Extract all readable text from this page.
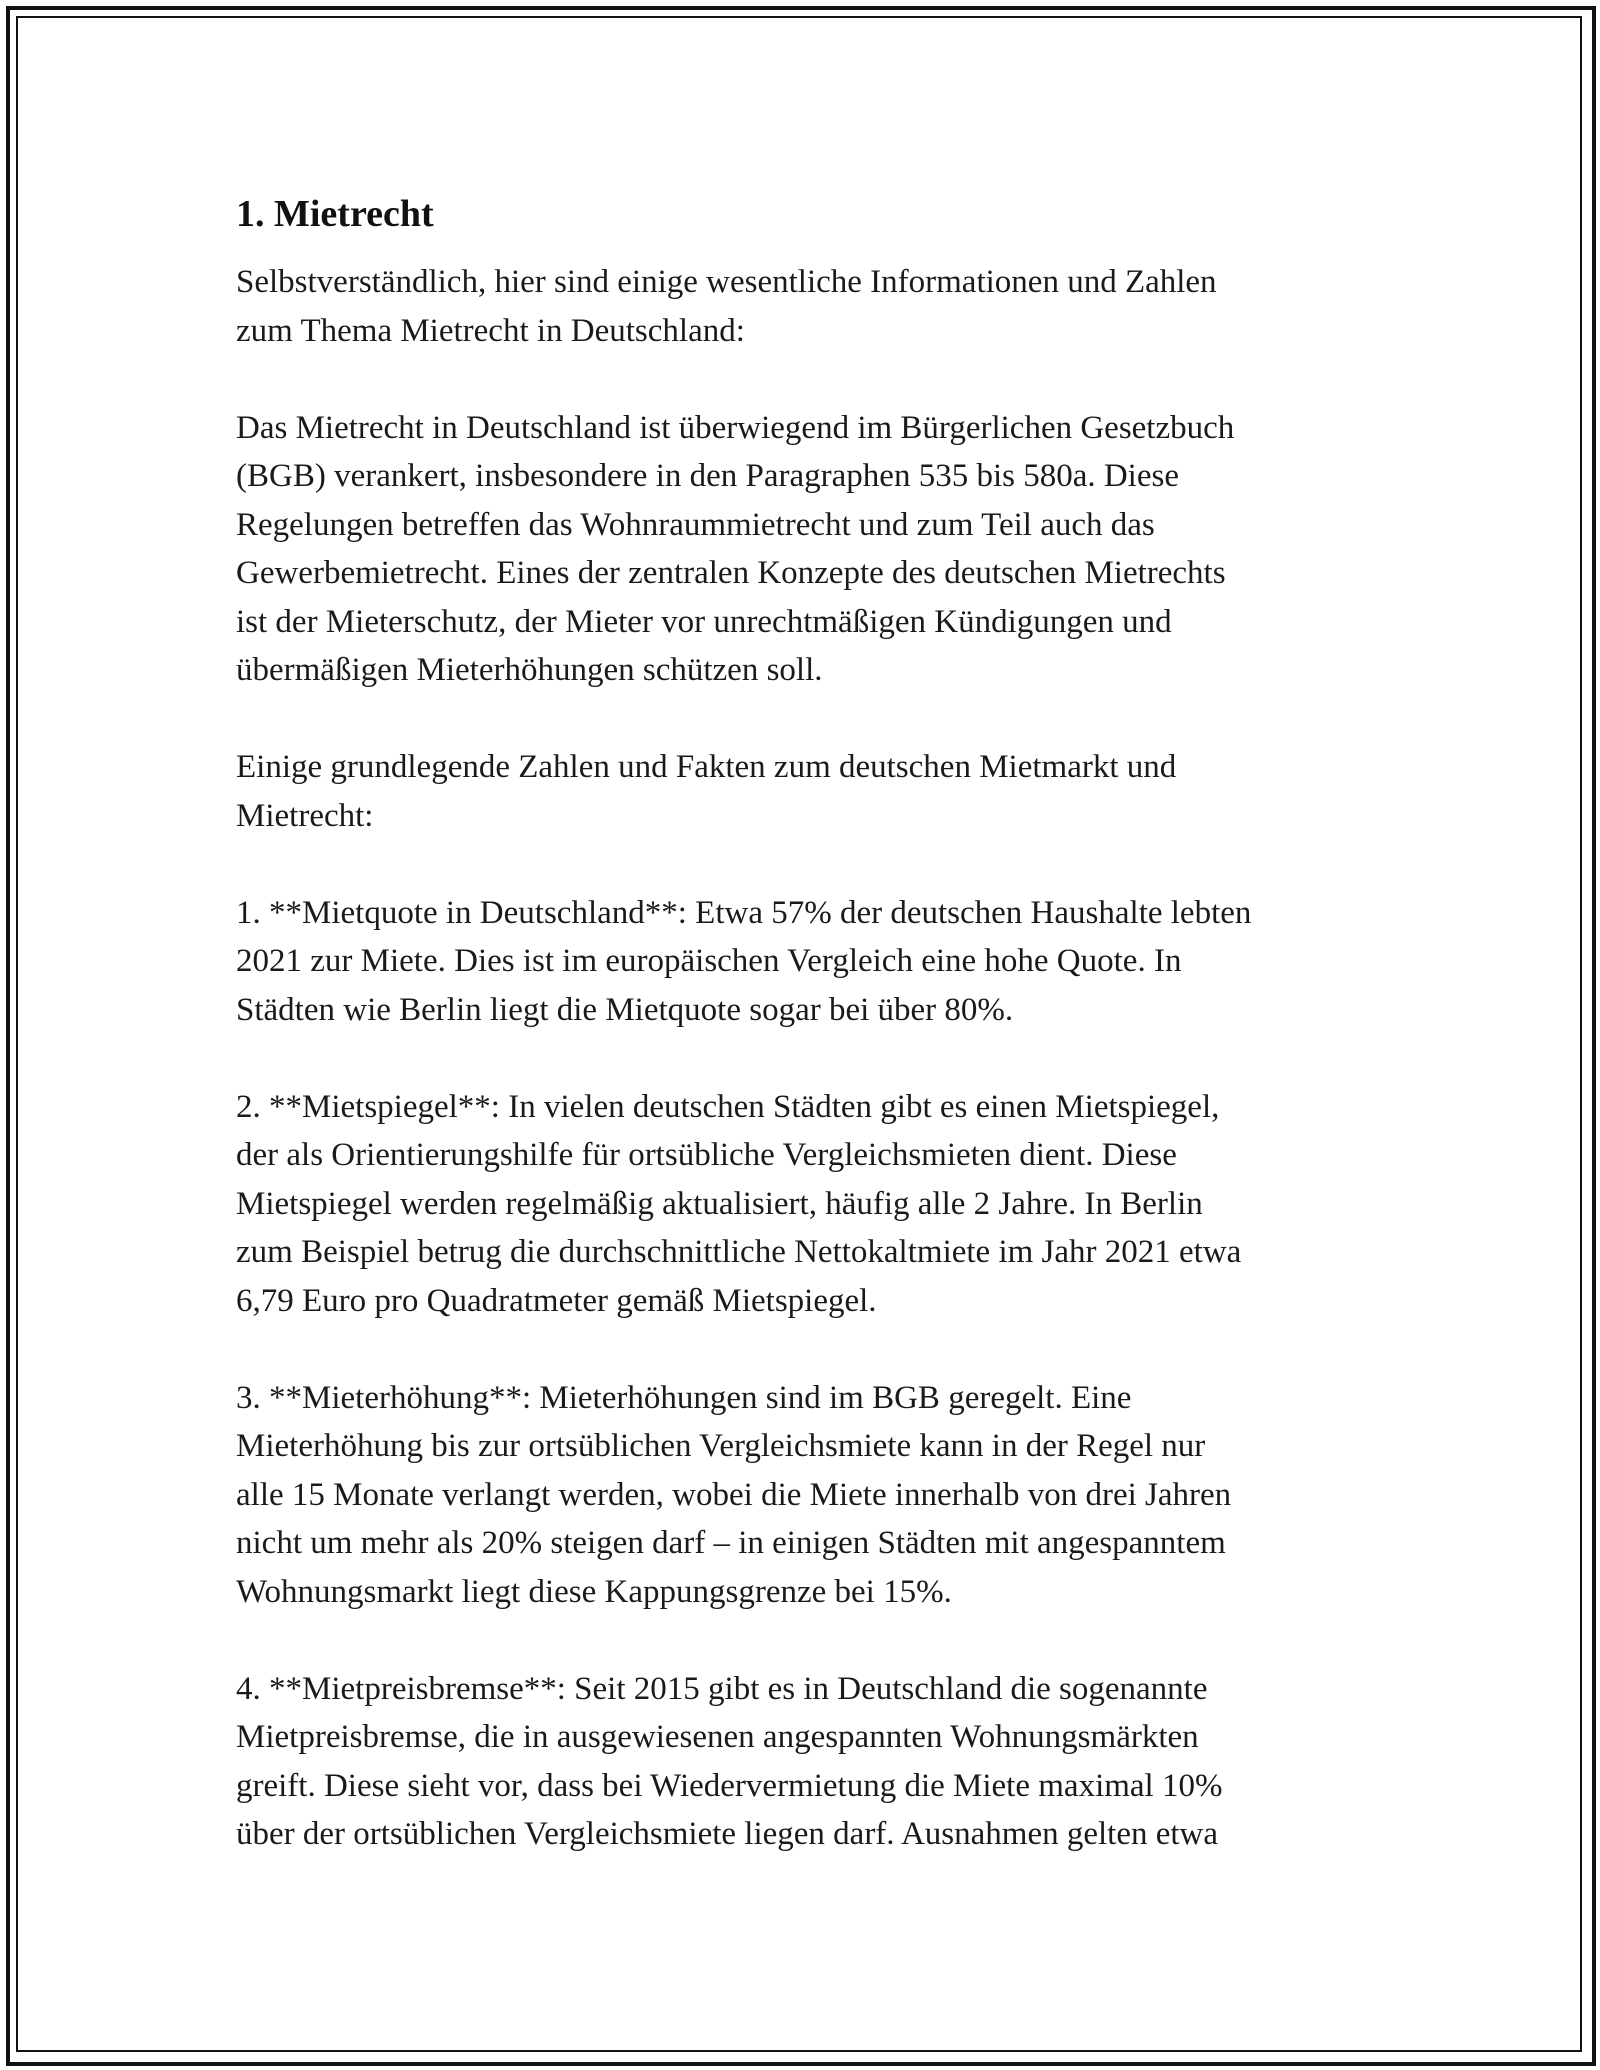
1. Mietrecht

Selbstverständlich, hier sind einige wesentliche Informationen und Zahlen
zum Thema Mietrecht in Deutschland:

Das Mietrecht in Deutschland ist überwiegend im Bürgerlichen Gesetzbuch
(BGB) verankert, insbesondere in den Paragraphen 535 bis 580a. Diese
Regelungen betreffen das Wohnraummietrecht und zum Teil auch das
Gewerbemietrecht. Eines der zentralen Konzepte des deutschen Mietrechts
ist der Mieterschutz, der Mieter vor unrechtmäßigen Kündigungen und
übermäßigen Mieterhöhungen schützen soll.

Einige grundlegende Zahlen und Fakten zum deutschen Mietmarkt und
Mietrecht:

1. **Mietquote in Deutschland**: Etwa 57% der deutschen Haushalte lebten
2021 zur Miete. Dies ist im europäischen Vergleich eine hohe Quote. In
Städten wie Berlin liegt die Mietquote sogar bei über 80%.

2. **Mietspiegel**: In vielen deutschen Städten gibt es einen Mietspiegel,
der als Orientierungshilfe für ortsübliche Vergleichsmieten dient. Diese
Mietspiegel werden regelmäßig aktualisiert, häufig alle 2 Jahre. In Berlin
zum Beispiel betrug die durchschnittliche Nettokaltmiete im Jahr 2021 etwa
6,79 Euro pro Quadratmeter gemäß Mietspiegel.

3. **Mieterhöhung**: Mieterhöhungen sind im BGB geregelt. Eine
Mieterhöhung bis zur ortsüblichen Vergleichsmiete kann in der Regel nur
alle 15 Monate verlangt werden, wobei die Miete innerhalb von drei Jahren
nicht um mehr als 20% steigen darf – in einigen Städten mit angespanntem
Wohnungsmarkt liegt diese Kappungsgrenze bei 15%.

4. **Mietpreisbremse**: Seit 2015 gibt es in Deutschland die sogenannte
Mietpreisbremse, die in ausgewiesenen angespannten Wohnungsmärkten
greift. Diese sieht vor, dass bei Wiedervermietung die Miete maximal 10%
über der ortsüblichen Vergleichsmiete liegen darf. Ausnahmen gelten etwa
